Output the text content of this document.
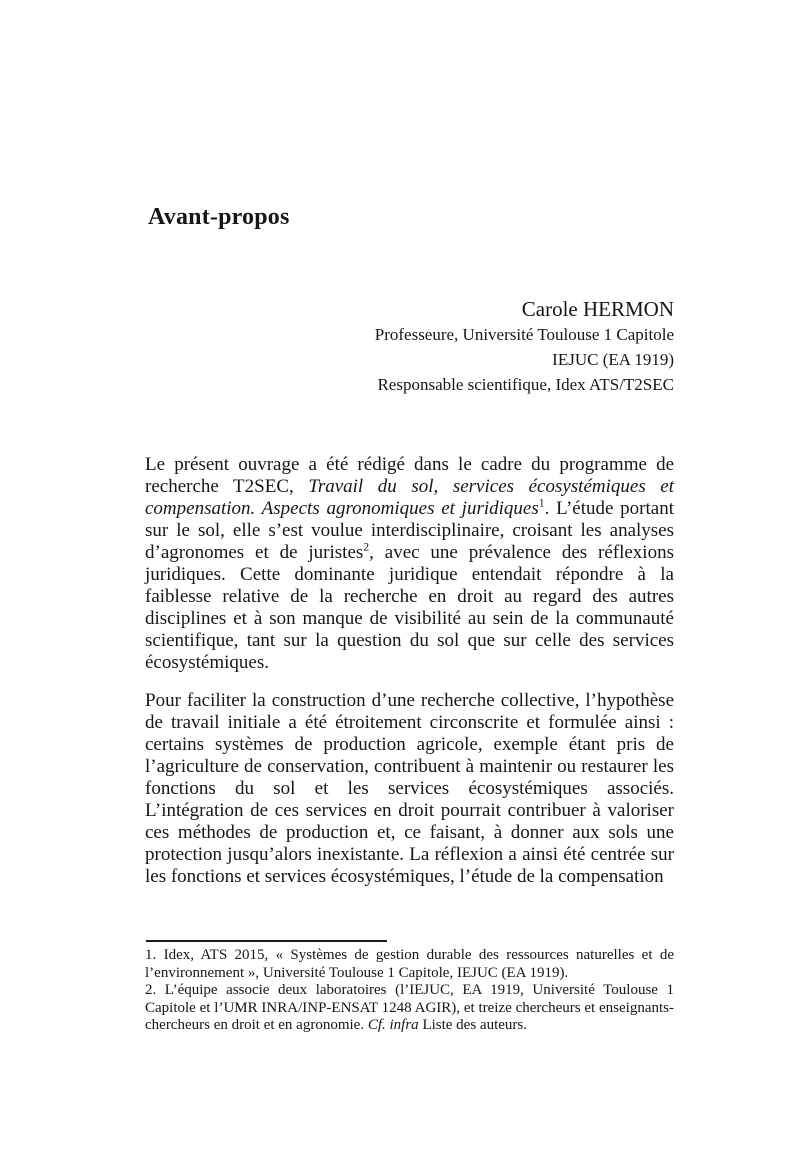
Avant-propos
Carole HERMON
Professeure, Université Toulouse 1 Capitole
IEJUC (EA 1919)
Responsable scientifique, Idex ATS/T2SEC

Le présent ouvrage a été rédigé dans le cadre du programme de recherche T2SEC, Travail du sol, services écosystémiques et compensation. Aspects agronomiques et juridiques$^1$. L’étude portant sur le sol, elle s’est voulue interdisciplinaire, croisant les analyses d’agronomes et de juristes$^2$, avec une prévalence des réflexions juridiques. Cette dominante juridique entendait répondre à la faiblesse relative de la recherche en droit au regard des autres disciplines et à son manque de visibilité au sein de la communauté scientifique, tant sur la question du sol que sur celle des services écosystémiques.

Pour faciliter la construction d’une recherche collective, l’hypothèse de travail initiale a été étroitement circonscrite et formulée ainsi : certains systèmes de production agricole, exemple étant pris de l’agriculture de conservation, contribuent à maintenir ou restaurer les fonctions du sol et les services écosystémiques associés. L’intégration de ces services en droit pourrait contribuer à valoriser ces méthodes de production et, ce faisant, à donner aux sols une protection jusqu’alors inexistante. La réflexion a ainsi été centrée sur les fonctions et services écosystémiques, l’étude de la compensation

1. Idex, ATS 2015, « Systèmes de gestion durable des ressources naturelles et de l’environnement », Université Toulouse 1 Capitole, IEJUC (EA 1919).

2. L’équipe associe deux laboratoires (l’IEJUC, EA 1919, Université Toulouse 1 Capitole et l’UMR INRA/INP-ENSAT 1248 AGIR), et treize chercheurs et enseignants-chercheurs en droit et en agronomie. Cf. infra Liste des auteurs.
